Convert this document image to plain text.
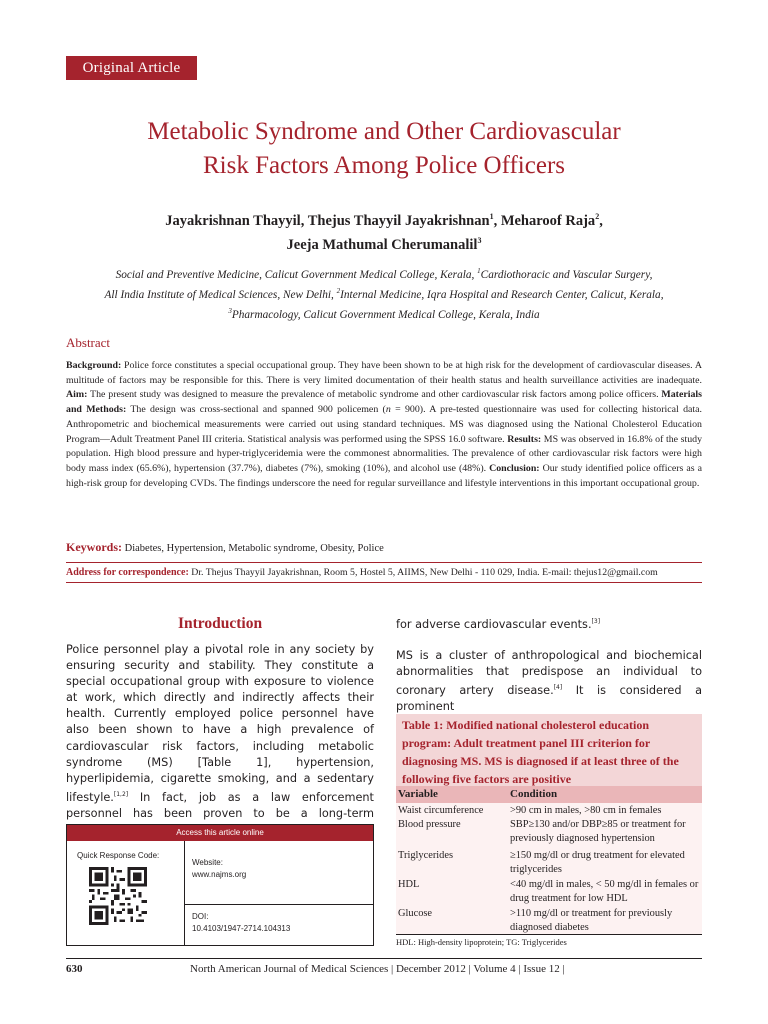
Original Article
Metabolic Syndrome and Other Cardiovascular
Risk Factors Among Police Officers
Jayakrishnan Thayyil, Thejus Thayyil Jayakrishnan$^1$, Meharoof Raja$^2$,
Jeeja Mathumal Cherumanalil$^3$
Social and Preventive Medicine, Calicut Government Medical College, Kerala, $^1$Cardiothoracic and Vascular Surgery,
All India Institute of Medical Sciences, New Delhi, $^2$Internal Medicine, Iqra Hospital and Research Center, Calicut, Kerala,
$^3$Pharmacology, Calicut Government Medical College, Kerala, India
Abstract
Background: Police force constitutes a special occupational group. They have been shown to be at high risk for the development of cardiovascular diseases. A multitude of factors may be responsible for this. There is very limited documentation of their health status and health surveillance activities are inadequate. Aim: The present study was designed to measure the prevalence of metabolic syndrome and other cardiovascular risk factors among police officers. Materials and Methods: The design was cross-sectional and spanned 900 policemen (n = 900). A pre-tested questionnaire was used for collecting historical data. Anthropometric and biochemical measurements were carried out using standard techniques. MS was diagnosed using the National Cholesterol Education Program—Adult Treatment Panel III criteria. Statistical analysis was performed using the SPSS 16.0 software. Results: MS was observed in 16.8% of the study population. High blood pressure and hyper-triglyceridemia were the commonest abnormalities. The prevalence of other cardiovascular risk factors were high body mass index (65.6%), hypertension (37.7%), diabetes (7%), smoking (10%), and alcohol use (48%). Conclusion: Our study identified police officers as a high-risk group for developing CVDs. The findings underscore the need for regular surveillance and lifestyle interventions in this important occupational group.
Keywords: Diabetes, Hypertension, Metabolic syndrome, Obesity, Police
Address for correspondence: Dr. Thejus Thayyil Jayakrishnan, Room 5, Hostel 5, AIIMS, New Delhi - 110 029, India. E-mail: thejus12@gmail.com
Introduction
Police personnel play a pivotal role in any society by ensuring security and stability. They constitute a special occupational group with exposure to violence at work, which directly and indirectly affects their health. Currently employed police personnel have also been shown to have a high prevalence of cardiovascular risk factors, including metabolic syndrome (MS) [Table 1], hypertension, hyperlipidemia, cigarette smoking, and a sedentary lifestyle.[1,2] In fact, job as a law enforcement personnel has been proven to be a long-term
for adverse cardiovascular events.[3]
MS is a cluster of anthropological and biochemical abnormalities that predispose an individual to coronary artery disease.[4] It is considered a prominent
Access this article online
Quick Response Code:
Website:
www.najms.org
DOI:
10.4103/1947-2714.104313
Table 1: Modified national cholesterol education program: Adult treatment panel III criterion for diagnosing MS. MS is diagnosed if at least three of the following five factors are positive
Variable	Condition
Waist circumference	>90 cm in males, >80 cm in females
Blood pressure	SBP≥130 and/or DBP≥85 or treatment for previously diagnosed hypertension
Triglycerides	≥150 mg/dl or drug treatment for elevated triglycerides
HDL	<40 mg/dl in males, < 50 mg/dl in females or drug treatment for low HDL
Glucose	>110 mg/dl or treatment for previously diagnosed diabetes
HDL: High-density lipoprotein; TG: Triglycerides
630	North American Journal of Medical Sciences | December 2012 | Volume 4 | Issue 12 |
